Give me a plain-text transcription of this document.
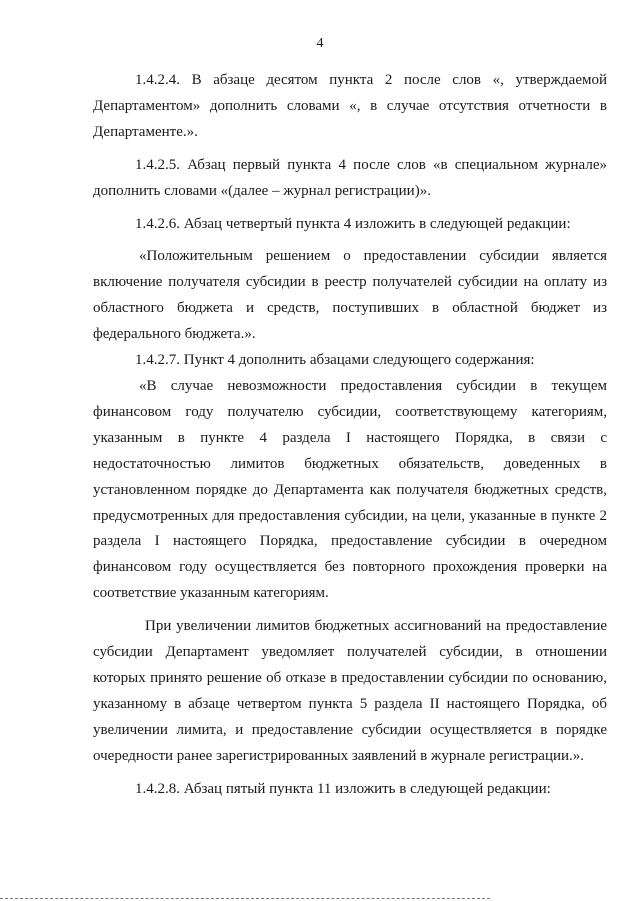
4

1.4.2.4. В абзаце десятом пункта 2 после слов «, утверждаемой Департаментом» дополнить словами «, в случае отсутствия отчетности в Департаменте.».

1.4.2.5. Абзац первый пункта 4 после слов «в специальном журнале» дополнить словами «(далее – журнал регистрации)».

1.4.2.6. Абзац четвертый пункта 4 изложить в следующей редакции:

«Положительным решением о предоставлении субсидии является включение получателя субсидии в реестр получателей субсидии на оплату из областного бюджета и средств, поступивших в областной бюджет из федерального бюджета.».

1.4.2.7. Пункт 4 дополнить абзацами следующего содержания:

«В случае невозможности предоставления субсидии в текущем финансовом году получателю субсидии, соответствующему категориям, указанным в пункте 4 раздела I настоящего Порядка, в связи с недостаточностью лимитов бюджетных обязательств, доведенных в установленном порядке до Департамента как получателя бюджетных средств, предусмотренных для предоставления субсидии, на цели, указанные в пункте 2 раздела I настоящего Порядка, предоставление субсидии в очередном финансовом году осуществляется без повторного прохождения проверки на соответствие указанным категориям.

При увеличении лимитов бюджетных ассигнований на предоставление субсидии Департамент уведомляет получателей субсидии, в отношении которых принято решение об отказе в предоставлении субсидии по основанию, указанному в абзаце четвертом пункта 5 раздела II настоящего Порядка, об увеличении лимита, и предоставление субсидии осуществляется в порядке очередности ранее зарегистрированных заявлений в журнале регистрации.».

1.4.2.8. Абзац пятый пункта 11 изложить в следующей редакции:
